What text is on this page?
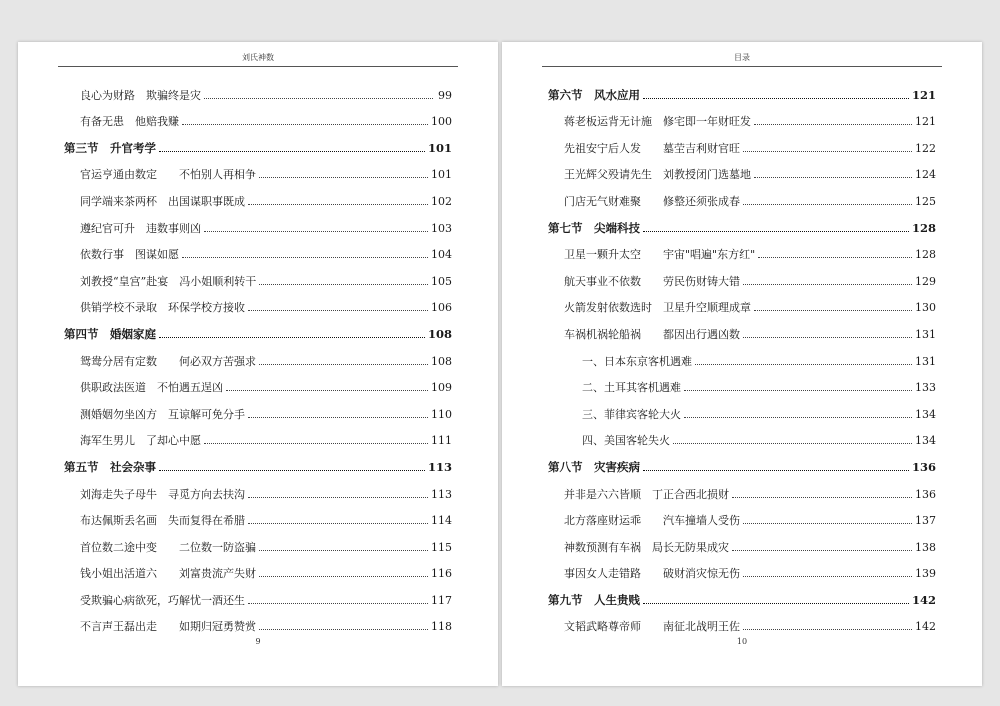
刘氏神数
良心为财路　欺骗终是灾	99
有备无患　他赔我赚	100
第三节　升官考学	101
官运亨通由数定　　不怕别人再相争	101
同学端来茶两杯　出国谋职事既成	102
遵纪官可升　违数事则凶	103
依数行事　图谋如愿	104
刘教授“皇宫”赴宴　冯小姐顺利转干	105
供销学校不录取　环保学校方接收	106
第四节　婚姻家庭	108
鸳鸯分居有定数　　何必双方苦强求	108
供职政法医道　不怕遇五逞凶	109
测婚姻勿坐凶方　互谅解可免分手	110
海军生男儿　了却心中愿	111
第五节　社会杂事	113
刘海走失子母牛　寻觅方向去扶沟	113
布达佩斯丢名画　失而复得在希腊	114
首位数二途中变　　二位数一防盗骗	115
钱小姐出活道六　　刘富贵流产失财	116
受欺骗心病欲死，巧解忧一酒还生	117
不言声王磊出走　　如期归冠勇赞赏	118
9
目录
第六节　风水应用	121
蒋老板运背无计施　修宅即一年财旺发	121
先祖安宁后人发　　墓茔吉利财官旺	122
王光辉父殁请先生　刘教授闭门选墓地	124
门店无气财难聚　　修整还须张成春	125
第七节　尖端科技	128
卫星一颗升太空　　宇宙"唱遍"东方红"	128
航天事业不依数　　劳民伤财铸大错	129
火箭发射依数选时　卫星升空顺理成章	130
车祸机祸轮船祸　　都因出行遇凶数	131
一、日本东京客机遇难	131
二、土耳其客机遇难	133
三、菲律宾客轮大火	134
四、美国客轮失火	134
第八节　灾害疾病	136
并非是六六皆顺　丁正合西北损财	136
北方落座财运乖　　汽车撞墙人受伤	137
神数预测有车祸　局长无防果成灾	138
事因女人走错路　　破财消灾惊无伤	139
第九节　人生贵贱	142
文韬武略尊帝师　　南征北战明王佐	142
10
